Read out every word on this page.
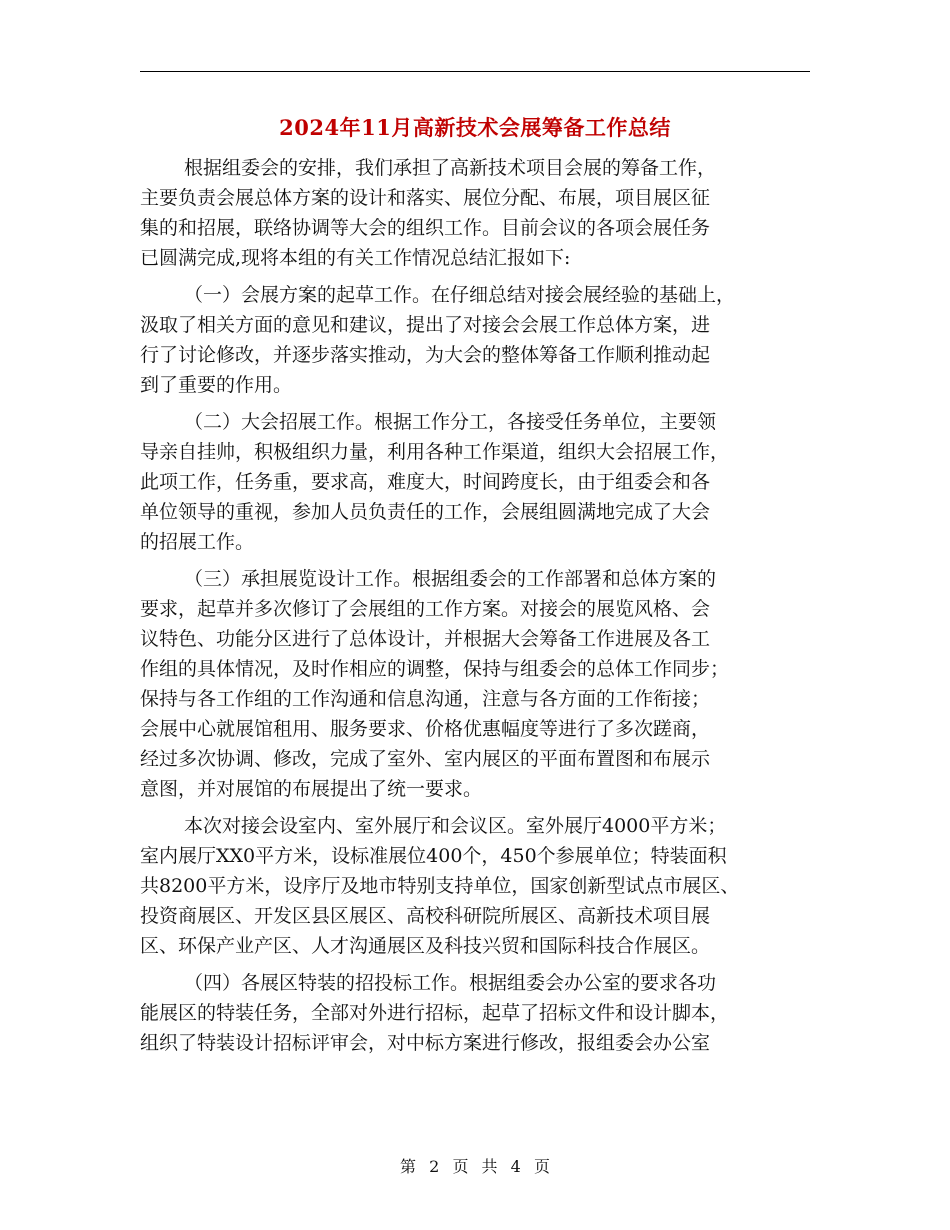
2024年11月高新技术会展筹备工作总结
根据组委会的安排，我们承担了高新技术项目会展的筹备工作，
主要负责会展总体方案的设计和落实、展位分配、布展，项目展区征
集的和招展，联络协调等大会的组织工作。目前会议的各项会展任务
已圆满完成,现将本组的有关工作情况总结汇报如下:
（一）会展方案的起草工作。在仔细总结对接会展经验的基础上，
汲取了相关方面的意见和建议，提出了对接会会展工作总体方案，进
行了讨论修改，并逐步落实推动，为大会的整体筹备工作顺利推动起
到了重要的作用。
（二）大会招展工作。根据工作分工，各接受任务单位，主要领
导亲自挂帅，积极组织力量，利用各种工作渠道，组织大会招展工作，
此项工作，任务重，要求高，难度大，时间跨度长，由于组委会和各
单位领导的重视，参加人员负责任的工作，会展组圆满地完成了大会
的招展工作。
（三）承担展览设计工作。根据组委会的工作部署和总体方案的
要求，起草并多次修订了会展组的工作方案。对接会的展览风格、会
议特色、功能分区进行了总体设计，并根据大会筹备工作进展及各工
作组的具体情况，及时作相应的调整，保持与组委会的总体工作同步；
保持与各工作组的工作沟通和信息沟通，注意与各方面的工作衔接；
会展中心就展馆租用、服务要求、价格优惠幅度等进行了多次蹉商，
经过多次协调、修改，完成了室外、室内展区的平面布置图和布展示
意图，并对展馆的布展提出了统一要求。
本次对接会设室内、室外展厅和会议区。室外展厅4000平方米；
室内展厅XX0平方米，设标准展位400个，450个参展单位；特装面积
共8200平方米，设序厅及地市特别支持单位，国家创新型试点市展区、
投资商展区、开发区县区展区、高校科研院所展区、高新技术项目展
区、环保产业产区、人才沟通展区及科技兴贸和国际科技合作展区。
（四）各展区特装的招投标工作。根据组委会办公室的要求各功
能展区的特装任务，全部对外进行招标，起草了招标文件和设计脚本，
组织了特装设计招标评审会，对中标方案进行修改，报组委会办公室
第 2 页 共 4 页
